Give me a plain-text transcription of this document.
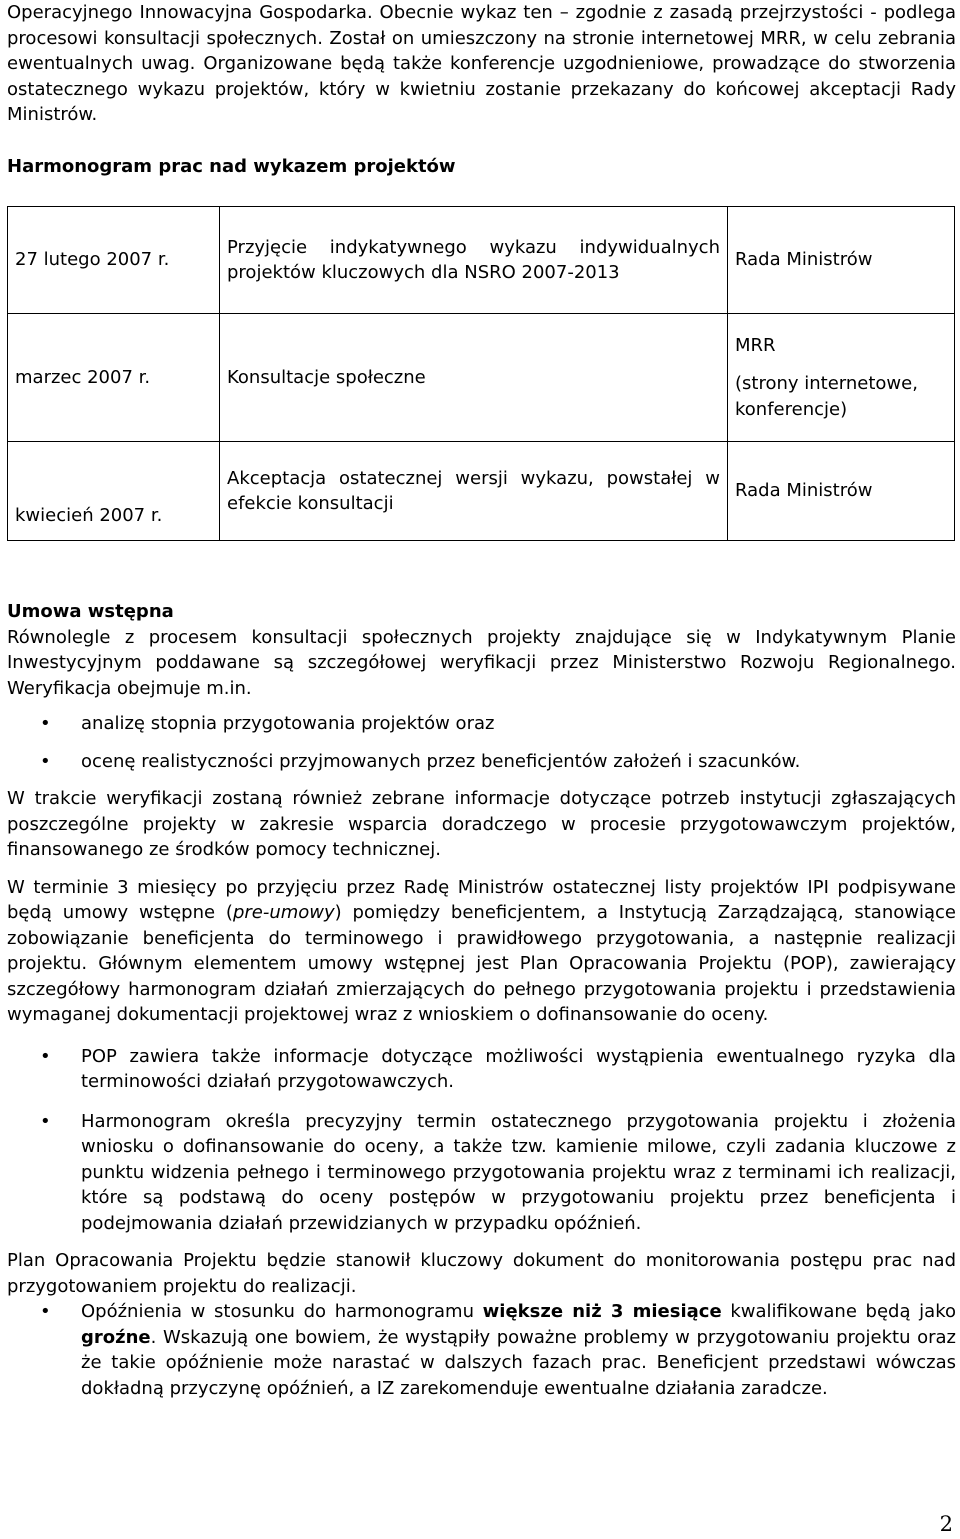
Operacyjnego Innowacyjna Gospodarka. Obecnie wykaz ten – zgodnie z zasadą przejrzystości - podlega procesowi konsultacji społecznych. Został on umieszczony na stronie internetowej MRR, w celu zebrania ewentualnych uwag. Organizowane będą także konferencje uzgodnieniowe, prowadzące do stworzenia ostatecznego wykazu projektów, który w kwietniu zostanie przekazany do końcowej akceptacji Rady Ministrów.

Harmonogram prac nad wykazem projektów

27 lutego 2007 r.	Przyjęcie indykatywnego wykazu indywidualnych projektów kluczowych dla NSRO 2007-2013	Rada Ministrów
marzec 2007 r.	Konsultacje społeczne	MRR
(strony internetowe, konferencje)

kwiecień 2007 r.	Akceptacja ostatecznej wersji wykazu, powstałej w efekcie konsultacji	Rada Ministrów

Umowa wstępna

Równolegle z procesem konsultacji społecznych projekty znajdujące się w Indykatywnym Planie Inwestycyjnym poddawane są szczegółowej weryfikacji przez Ministerstwo Rozwoju Regionalnego. Weryfikacja obejmuje m.in.

• analizę stopnia przygotowania projektów oraz
• ocenę realistyczności przyjmowanych przez beneficjentów założeń i szacunków.

W trakcie weryfikacji zostaną również zebrane informacje dotyczące potrzeb instytucji zgłaszających poszczególne projekty w zakresie wsparcia doradczego w procesie przygotowawczym projektów, finansowanego ze środków pomocy technicznej.

W terminie 3 miesięcy po przyjęciu przez Radę Ministrów ostatecznej listy projektów IPI podpisywane będą umowy wstępne (pre-umowy) pomiędzy beneficjentem, a Instytucją Zarządzającą, stanowiące zobowiązanie beneficjenta do terminowego i prawidłowego przygotowania, a następnie realizacji projektu. Głównym elementem umowy wstępnej jest Plan Opracowania Projektu (POP), zawierający szczegółowy harmonogram działań zmierzających do pełnego przygotowania projektu i przedstawienia wymaganej dokumentacji projektowej wraz z wnioskiem o dofinansowanie do oceny.

• POP zawiera także informacje dotyczące możliwości wystąpienia ewentualnego ryzyka dla terminowości działań przygotowawczych.
• Harmonogram określa precyzyjny termin ostatecznego przygotowania projektu i złożenia wniosku o dofinansowanie do oceny, a także tzw. kamienie milowe, czyli zadania kluczowe z punktu widzenia pełnego i terminowego przygotowania projektu wraz z terminami ich realizacji, które są podstawą do oceny postępów w przygotowaniu projektu przez beneficjenta i podejmowania działań przewidzianych w przypadku opóźnień.

Plan Opracowania Projektu będzie stanowił kluczowy dokument do monitorowania postępu prac nad przygotowaniem projektu do realizacji.

• Opóźnienia w stosunku do harmonogramu większe niż 3 miesiące kwalifikowane będą jako groźne. Wskazują one bowiem, że wystąpiły poważne problemy w przygotowaniu projektu oraz że takie opóźnienie może narastać w dalszych fazach prac. Beneficjent przedstawi wówczas dokładną przyczynę opóźnień, a IZ zarekomenduje ewentualne działania zaradcze.
2
